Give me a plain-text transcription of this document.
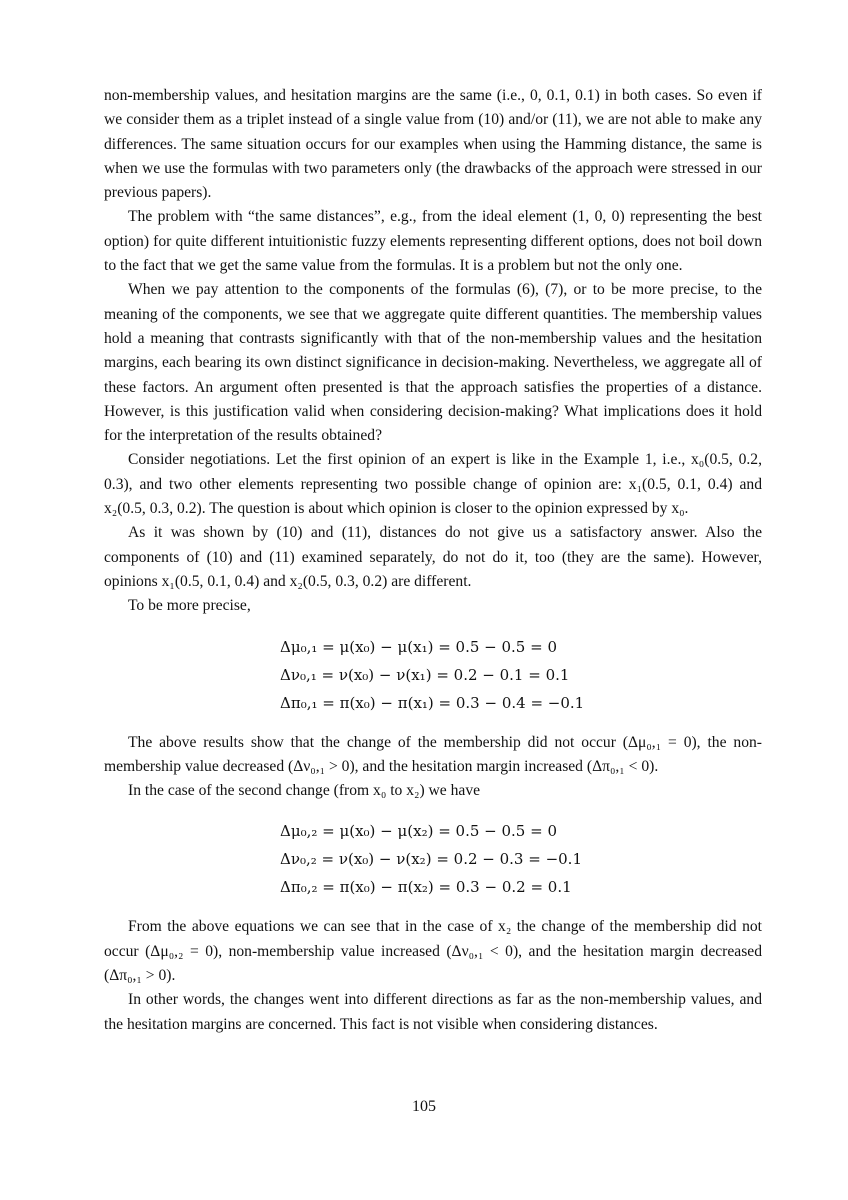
non-membership values, and hesitation margins are the same (i.e., 0, 0.1, 0.1) in both cases. So even if we consider them as a triplet instead of a single value from (10) and/or (11), we are not able to make any differences. The same situation occurs for our examples when using the Hamming distance, the same is when we use the formulas with two parameters only (the drawbacks of the approach were stressed in our previous papers).

The problem with “the same distances”, e.g., from the ideal element (1, 0, 0) representing the best option) for quite different intuitionistic fuzzy elements representing different options, does not boil down to the fact that we get the same value from the formulas. It is a problem but not the only one.

When we pay attention to the components of the formulas (6), (7), or to be more precise, to the meaning of the components, we see that we aggregate quite different quantities. The membership values hold a meaning that contrasts significantly with that of the non-membership values and the hesitation margins, each bearing its own distinct significance in decision-making. Nevertheless, we aggregate all of these factors. An argument often presented is that the approach satisfies the properties of a distance. However, is this justification valid when considering decision-making? What implications does it hold for the interpretation of the results obtained?

Consider negotiations. Let the first opinion of an expert is like in the Example 1, i.e., x₀(0.5, 0.2, 0.3), and two other elements representing two possible change of opinion are: x₁(0.5, 0.1, 0.4) and x₂(0.5, 0.3, 0.2). The question is about which opinion is closer to the opinion expressed by x₀.

As it was shown by (10) and (11), distances do not give us a satisfactory answer. Also the components of (10) and (11) examined separately, do not do it, too (they are the same). However, opinions x₁(0.5, 0.1, 0.4) and x₂(0.5, 0.3, 0.2) are different.

To be more precise,

Δμ₀,₁ = μ(x₀) − μ(x₁) = 0.5 − 0.5 = 0
Δν₀,₁ = ν(x₀) − ν(x₁) = 0.2 − 0.1 = 0.1
Δπ₀,₁ = π(x₀) − π(x₁) = 0.3 − 0.4 = −0.1

The above results show that the change of the membership did not occur (Δμ₀,₁ = 0), the non-membership value decreased (Δν₀,₁ > 0), and the hesitation margin increased (Δπ₀,₁ < 0).

In the case of the second change (from x₀ to x₂) we have

Δμ₀,₂ = μ(x₀) − μ(x₂) = 0.5 − 0.5 = 0
Δν₀,₂ = ν(x₀) − ν(x₂) = 0.2 − 0.3 = −0.1
Δπ₀,₂ = π(x₀) − π(x₂) = 0.3 − 0.2 = 0.1

From the above equations we can see that in the case of x₂ the change of the membership did not occur (Δμ₀,₂ = 0), non-membership value increased (Δν₀,₁ < 0), and the hesitation margin decreased (Δπ₀,₁ > 0).

In other words, the changes went into different directions as far as the non-membership values, and the hesitation margins are concerned. This fact is not visible when considering distances.

105
